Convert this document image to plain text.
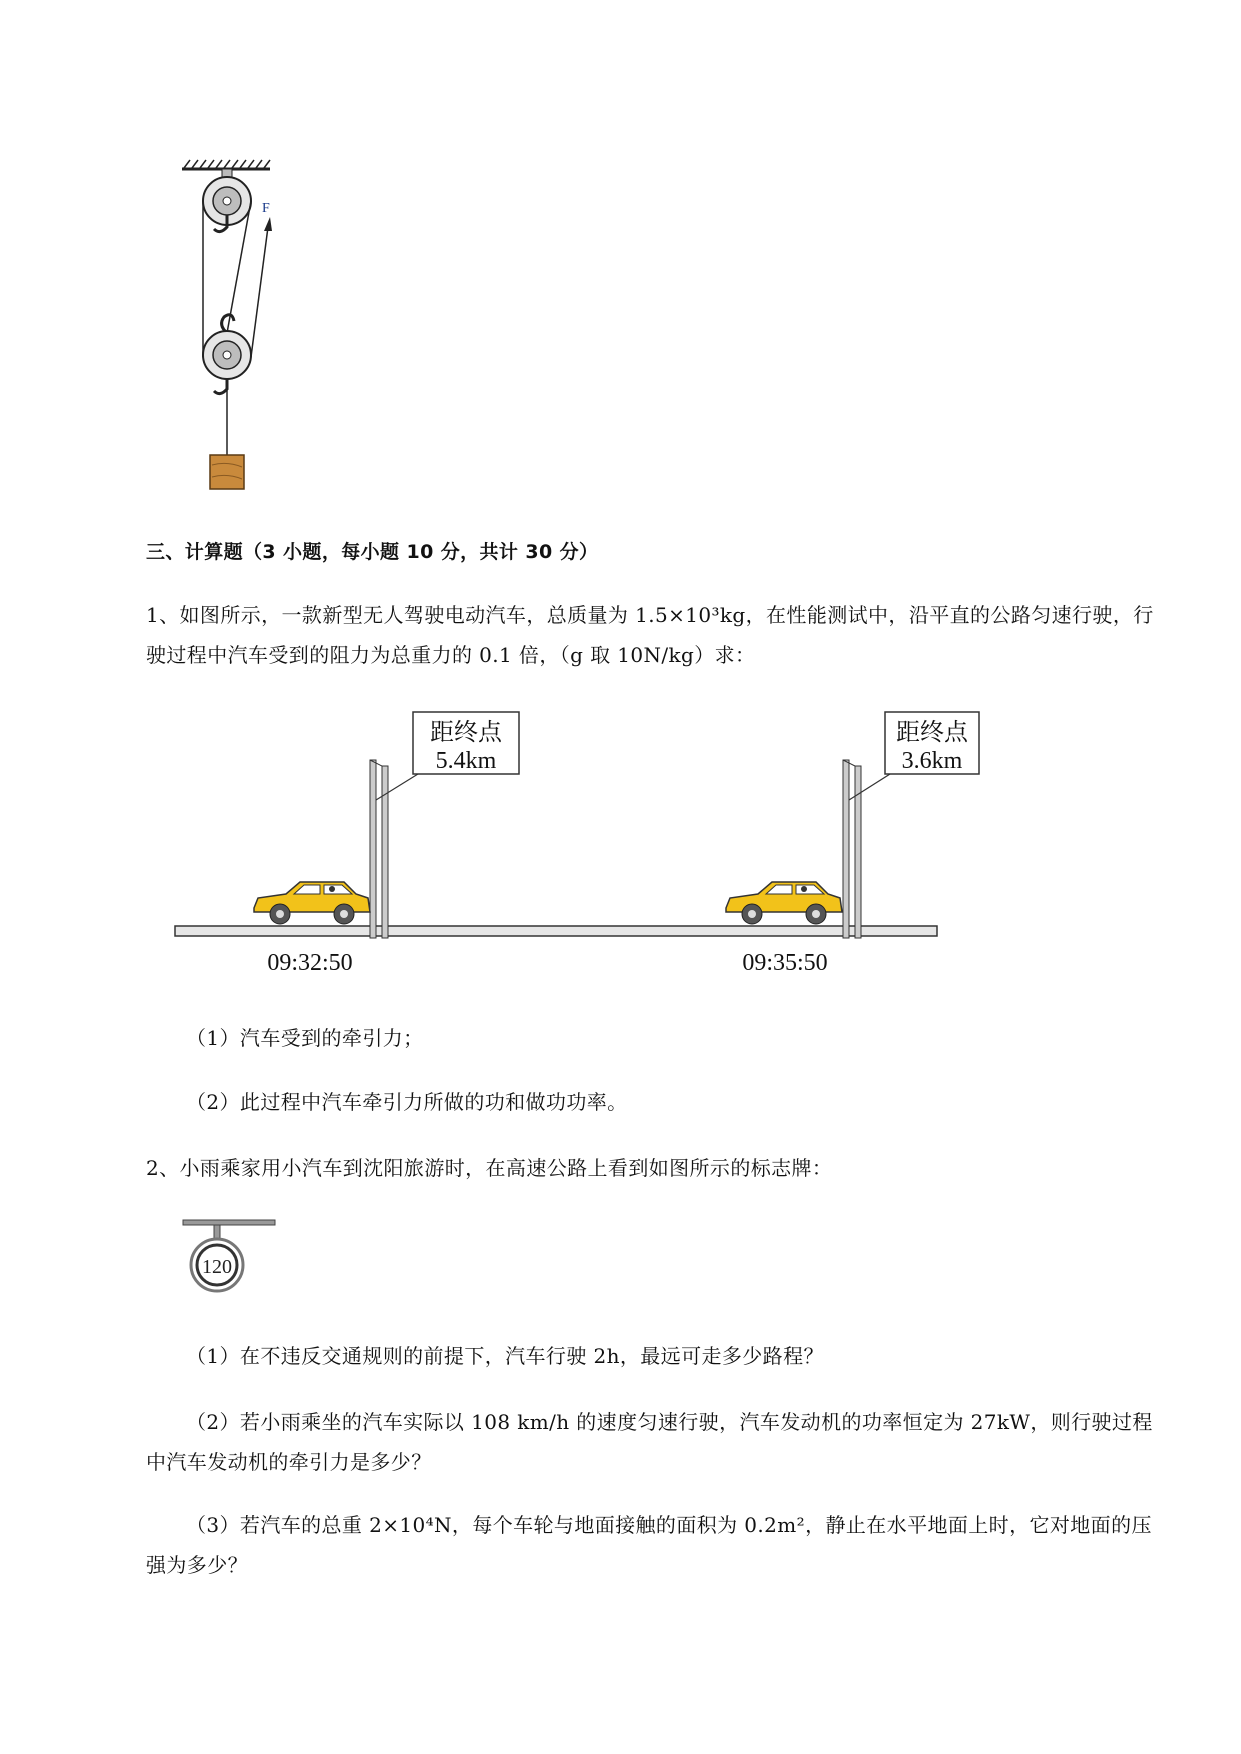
F
三、计算题（3 小题，每小题 10 分，共计 30 分）
1、如图所示，一款新型无人驾驶电动汽车，总质量为 1.5×10³kg，在性能测试中，沿平直的公路匀速行驶，行驶过程中汽车受到的阻力为总重力的 0.1 倍，（g 取 10N/kg）求：
距终点
5.4km
距终点
3.6km
09:32:50	09:35:50
（1）汽车受到的牵引力；
（2）此过程中汽车牵引力所做的功和做功功率。
2、小雨乘家用小汽车到沈阳旅游时，在高速公路上看到如图所示的标志牌：
120
（1）在不违反交通规则的前提下，汽车行驶 2h，最远可走多少路程？
（2）若小雨乘坐的汽车实际以 108 km/h 的速度匀速行驶，汽车发动机的功率恒定为 27kW，则行驶过程中汽车发动机的牵引力是多少？
（3）若汽车的总重 2×10⁴N，每个车轮与地面接触的面积为 0.2m²，静止在水平地面上时，它对地面的压强为多少？
